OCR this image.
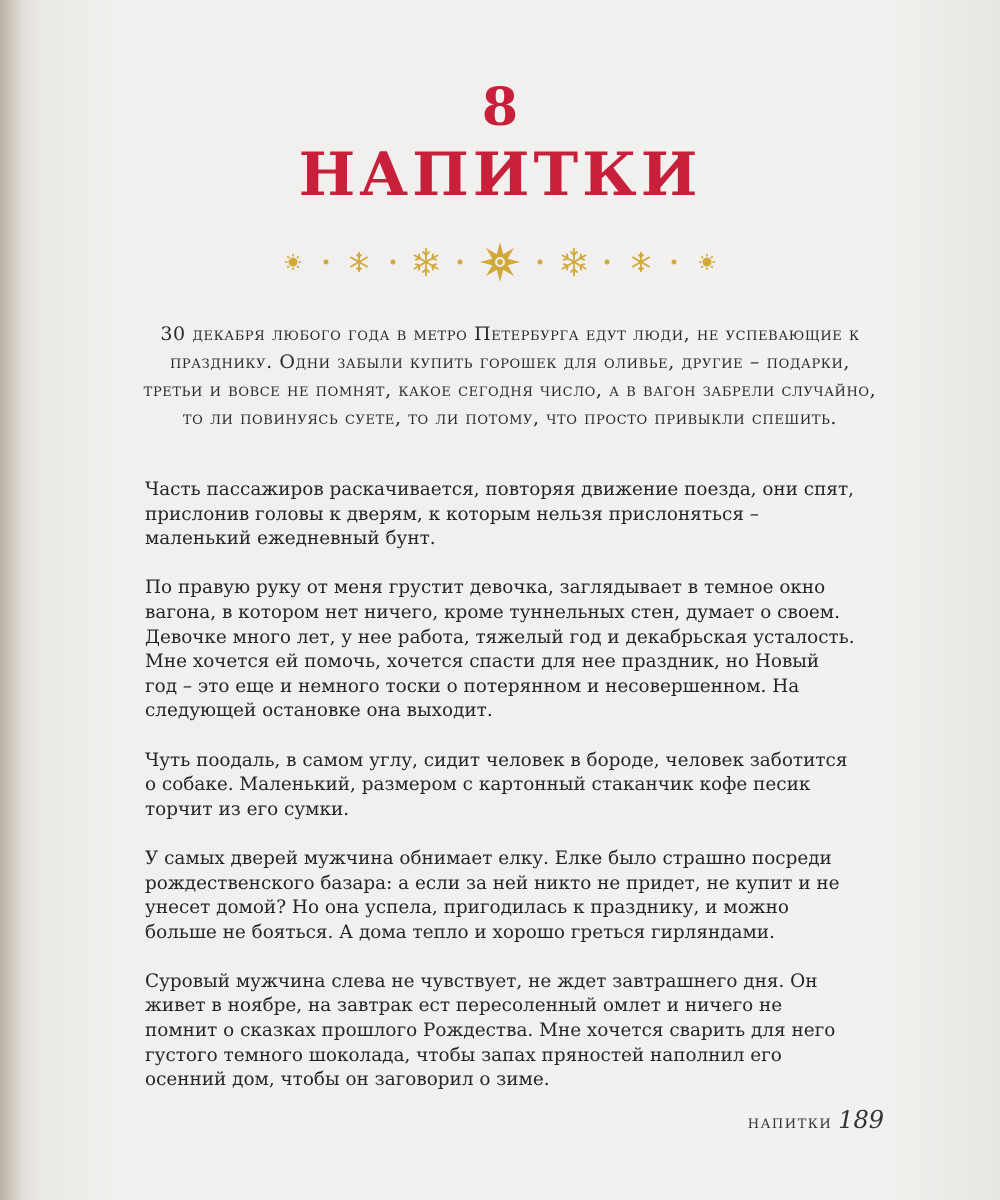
8
НАПИТКИ

30 декабря любого года в метро Петербурга едут люди, не успевающие к празднику. Одни забыли купить горошек для оливье, другие – подарки, третьи и вовсе не помнят, какое сегодня число, а в вагон забрели случайно, то ли повинуясь суете, то ли потому, что просто привыкли спешить.

Часть пассажиров раскачивается, повторяя движение поезда, они спят, прислонив головы к дверям, к которым нельзя прислоняться – маленький ежедневный бунт.

По правую руку от меня грустит девочка, заглядывает в темное окно вагона, в котором нет ничего, кроме туннельных стен, думает о своем. Девочке много лет, у нее работа, тяжелый год и декабрьская усталость. Мне хочется ей помочь, хочется спасти для нее праздник, но Новый год – это еще и немного тоски о потерянном и несовершенном. На следующей остановке она выходит.

Чуть поодаль, в самом углу, сидит человек в бороде, человек заботится о собаке. Маленький, размером с картонный стаканчик кофе песик торчит из его сумки.

У самых дверей мужчина обнимает елку. Елке было страшно посреди рождественского базара: а если за ней никто не придет, не купит и не унесет домой? Но она успела, пригодилась к празднику, и можно больше не бояться. А дома тепло и хорошо греться гирляндами.

Суровый мужчина слева не чувствует, не ждет завтрашнего дня. Он живет в ноябре, на завтрак ест пересоленный омлет и ничего не помнит о сказках прошлого Рождества. Мне хочется сварить для него густого темного шоколада, чтобы запах пряностей наполнил его осенний дом, чтобы он заговорил о зиме.

напитки 189
